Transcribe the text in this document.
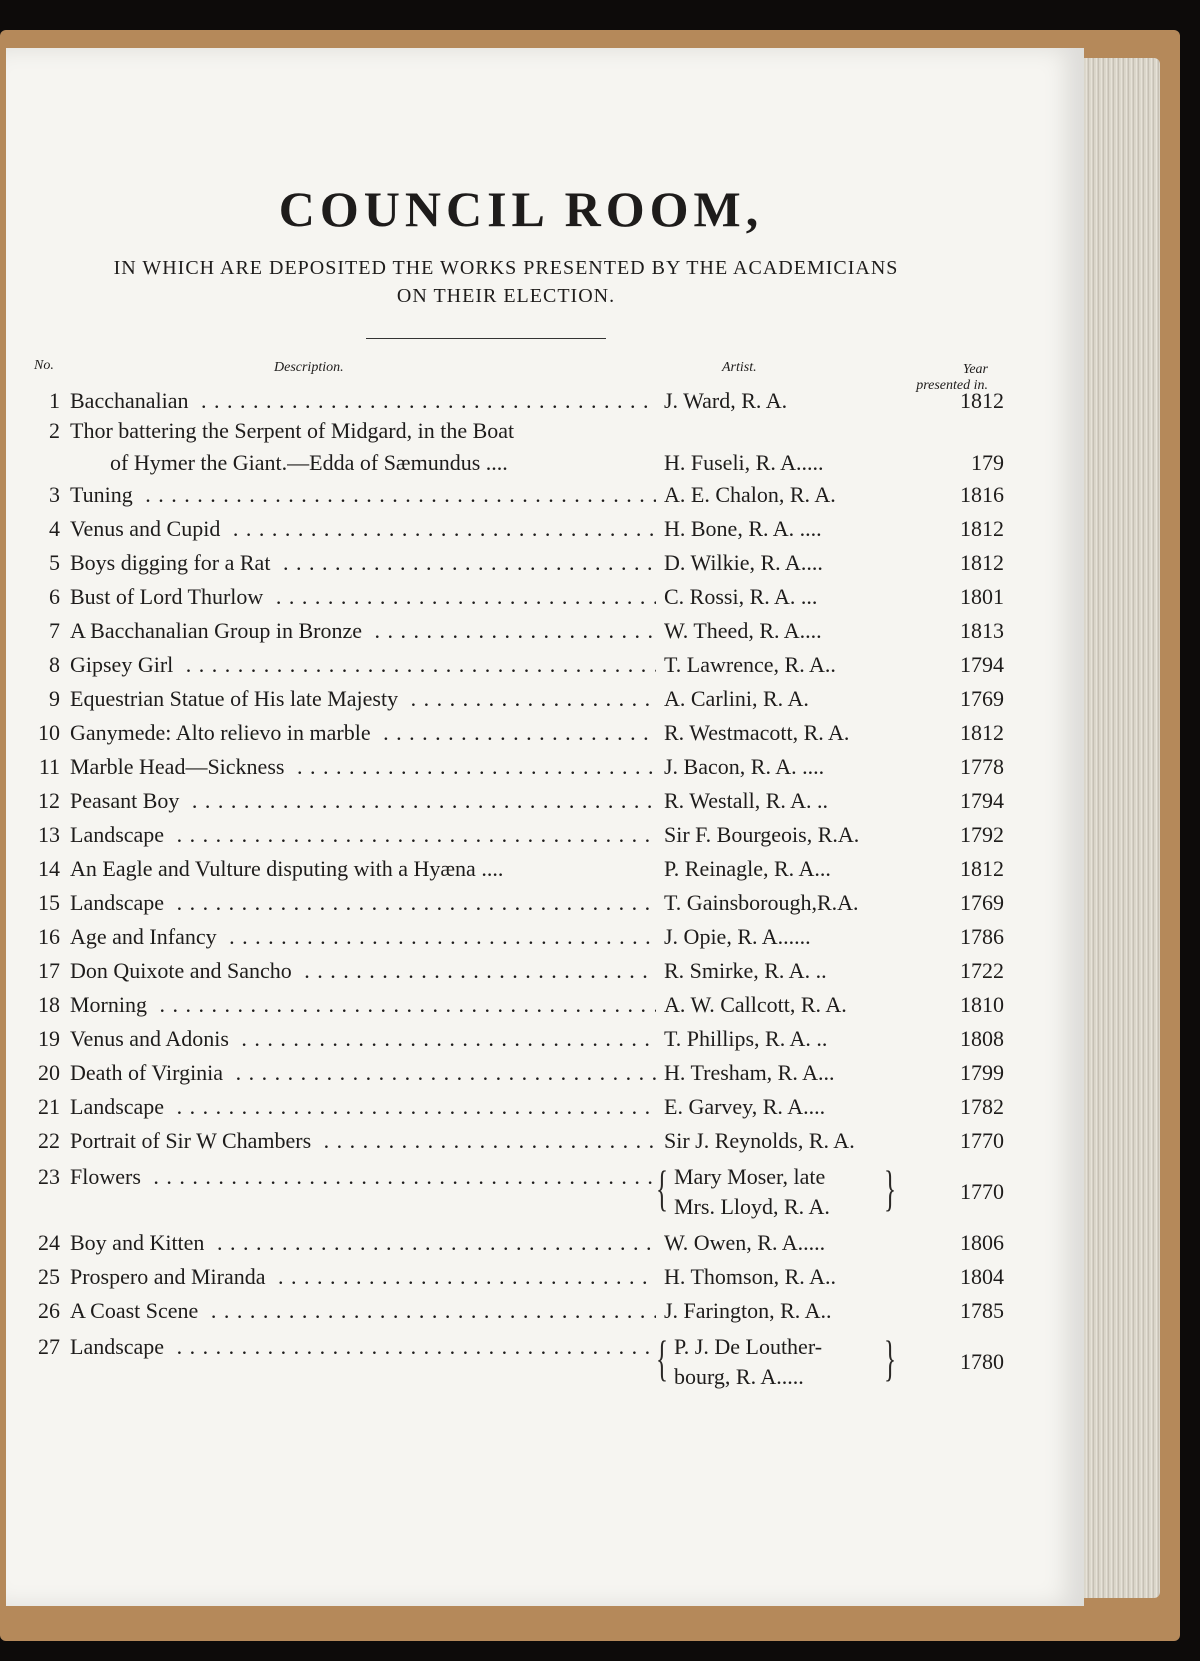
COUNCIL ROOM,
IN WHICH ARE DEPOSITED THE WORKS PRESENTED BY THE ACADEMICIANS
ON THEIR ELECTION.
No.	Description.	Artist.	Year
presented in.
1 Bacchanalian . . .	J. Ward, R. A.	1812
2 Thor battering the Serpent of Midgard, in the Boat
of Hymer the Giant.—Edda of Sæmundus ....	H. Fuseli, R. A.....	179
3 Tuning . . .	A. E. Chalon, R. A.	1816
4 Venus and Cupid . . .	H. Bone, R. A. ....	1812
5 Boys digging for a Rat . . .	D. Wilkie, R. A....	1812
6 Bust of Lord Thurlow . . .	C. Rossi, R. A. ...	1801
7 A Bacchanalian Group in Bronze . . .	W. Theed, R. A....	1813
8 Gipsey Girl . . .	T. Lawrence, R. A..	1794
9 Equestrian Statue of His late Majesty . . .	A. Carlini, R. A.	1769
10 Ganymede: Alto relievo in marble . . .	R. Westmacott, R. A.	1812
11 Marble Head—Sickness . . .	J. Bacon, R. A. ....	1778
12 Peasant Boy . . .	R. Westall, R. A. ..	1794
13 Landscape . . .	Sir F. Bourgeois, R.A.	1792
14 An Eagle and Vulture disputing with a Hyæna ....	P. Reinagle, R. A...	1812
15 Landscape . . .	T. Gainsborough,R.A.	1769
16 Age and Infancy . . .	J. Opie, R. A......	1786
17 Don Quixote and Sancho . . .	R. Smirke, R. A. ..	1722
18 Morning . . .	A. W. Callcott, R. A.	1810
19 Venus and Adonis . . .	T. Phillips, R. A. ..	1808
20 Death of Virginia . . .	H. Tresham, R. A...	1799
21 Landscape . . .	E. Garvey, R. A....	1782
22 Portrait of Sir W Chambers . . .	Sir J. Reynolds, R. A.	1770
23 Flowers . . .	{ Mary Moser, late
Mrs. Lloyd, R. A. }	1770
24 Boy and Kitten . . .	W. Owen, R. A.....	1806
25 Prospero and Miranda . . .	H. Thomson, R. A..	1804
26 A Coast Scene . . .	J. Farington, R. A..	1785
27 Landscape . . .	{ P. J. De Louther-
bourg, R. A..... }	1780
